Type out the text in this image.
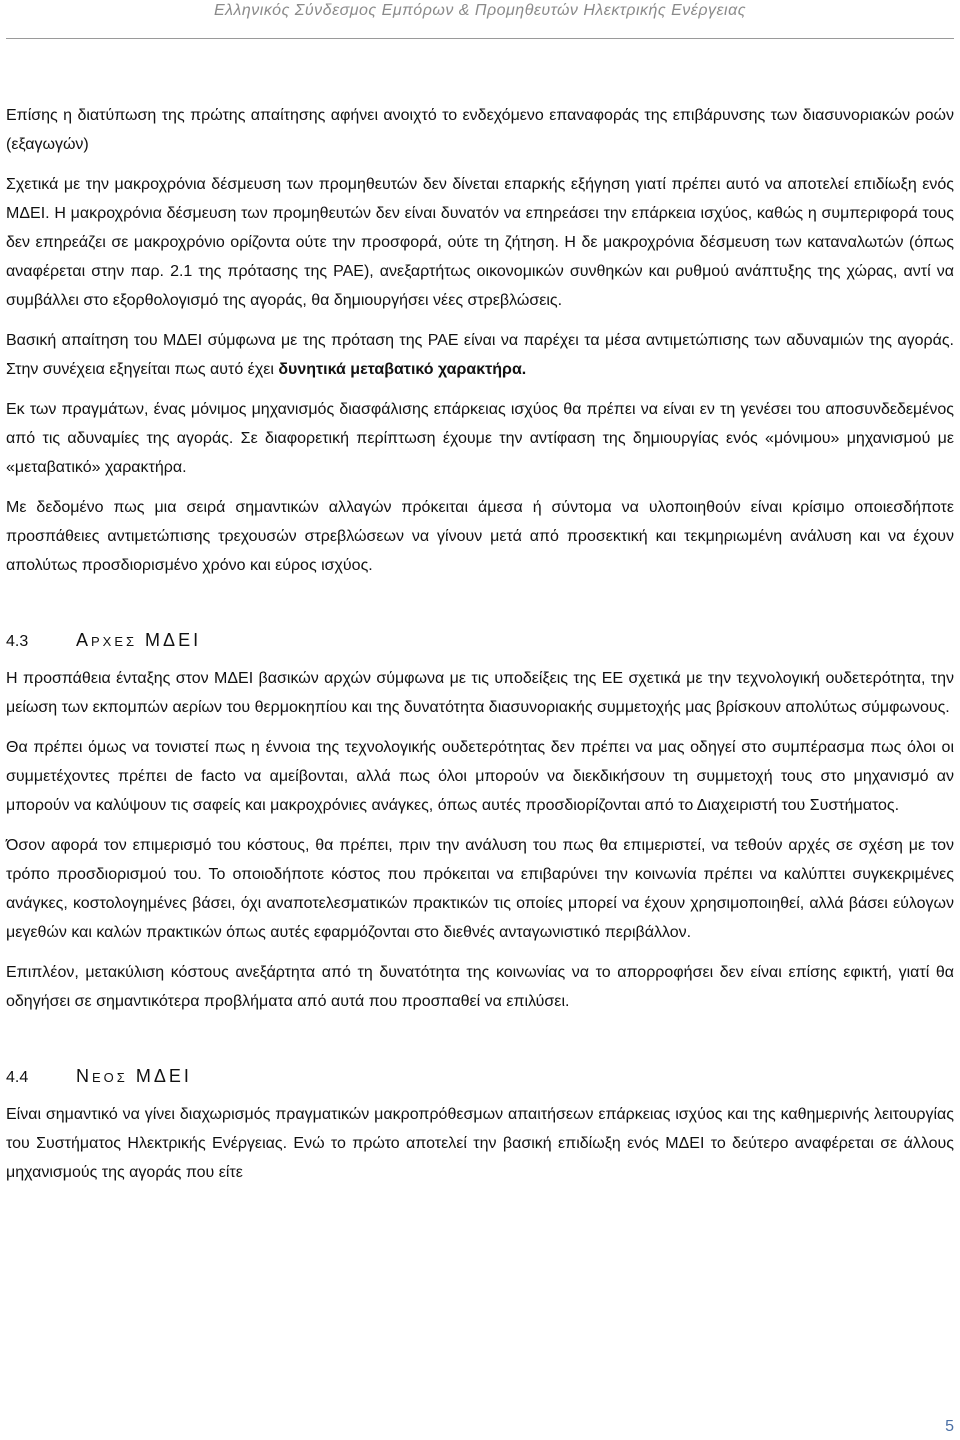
Ελληνικός Σύνδεσμος Εμπόρων & Προμηθευτών Ηλεκτρικής Ενέργειας

Επίσης η διατύπωση της πρώτης απαίτησης αφήνει ανοιχτό το ενδεχόμενο επαναφοράς της επιβάρυνσης των διασυνοριακών ροών (εξαγωγών)

Σχετικά με την μακροχρόνια δέσμευση των προμηθευτών δεν δίνεται επαρκής εξήγηση γιατί πρέπει αυτό να αποτελεί επιδίωξη ενός ΜΔΕΙ. Η μακροχρόνια δέσμευση των προμηθευτών δεν είναι δυνατόν να επηρεάσει την επάρκεια ισχύος, καθώς η συμπεριφορά τους δεν επηρεάζει σε μακροχρόνιο ορίζοντα ούτε την προσφορά, ούτε τη ζήτηση. Η δε μακροχρόνια δέσμευση των καταναλωτών (όπως αναφέρεται στην παρ. 2.1 της πρότασης της ΡΑΕ), ανεξαρτήτως οικονομικών συνθηκών και ρυθμού ανάπτυξης της χώρας, αντί να συμβάλλει στο εξορθολογισμό της αγοράς, θα δημιουργήσει νέες στρεβλώσεις.

Βασική απαίτηση του ΜΔΕΙ σύμφωνα με της πρόταση της ΡΑΕ είναι να παρέχει τα μέσα αντιμετώπισης των αδυναμιών της αγοράς. Στην συνέχεια εξηγείται πως αυτό έχει δυνητικά μεταβατικό χαρακτήρα.

Εκ των πραγμάτων, ένας μόνιμος μηχανισμός διασφάλισης επάρκειας ισχύος θα πρέπει να είναι εν τη γενέσει του αποσυνδεδεμένος από τις αδυναμίες της αγοράς. Σε διαφορετική περίπτωση έχουμε την αντίφαση της δημιουργίας ενός «μόνιμου» μηχανισμού με «μεταβατικό» χαρακτήρα.

Με δεδομένο πως μια σειρά σημαντικών αλλαγών πρόκειται άμεσα ή σύντομα να υλοποιηθούν είναι κρίσιμο οποιεσδήποτε προσπάθειες αντιμετώπισης τρεχουσών στρεβλώσεων να γίνουν μετά από προσεκτική και τεκμηριωμένη ανάλυση και να έχουν απολύτως προσδιορισμένο χρόνο και εύρος ισχύος.

4.3	Αρχες ΜΔΕΙ

Η προσπάθεια ένταξης στον ΜΔΕΙ βασικών αρχών σύμφωνα με τις υποδείξεις της ΕΕ σχετικά με την τεχνολογική ουδετερότητα, την μείωση των εκπομπών αερίων του θερμοκηπίου και της δυνατότητα διασυνοριακής συμμετοχής μας βρίσκουν απολύτως σύμφωνους.

Θα πρέπει όμως να τονιστεί πως η έννοια της τεχνολογικής ουδετερότητας δεν πρέπει να μας οδηγεί στο συμπέρασμα πως όλοι οι συμμετέχοντες πρέπει de facto να αμείβονται, αλλά πως όλοι μπορούν να διεκδικήσουν τη συμμετοχή τους στο μηχανισμό αν μπορούν να καλύψουν τις σαφείς και μακροχρόνιες ανάγκες, όπως αυτές προσδιορίζονται από το Διαχειριστή του Συστήματος.

Όσον αφορά τον επιμερισμό του κόστους, θα πρέπει, πριν την ανάλυση του πως θα επιμεριστεί, να τεθούν αρχές σε σχέση με τον τρόπο προσδιορισμού του. Το οποιοδήποτε κόστος που πρόκειται να επιβαρύνει την κοινωνία πρέπει να καλύπτει συγκεκριμένες ανάγκες, κοστολογημένες βάσει, όχι αναποτελεσματικών πρακτικών τις οποίες μπορεί να έχουν χρησιμοποιηθεί, αλλά βάσει εύλογων μεγεθών και καλών πρακτικών όπως αυτές εφαρμόζονται στο διεθνές ανταγωνιστικό περιβάλλον.

Επιπλέον, μετακύλιση κόστους ανεξάρτητα από τη δυνατότητα της κοινωνίας να το απορροφήσει δεν είναι επίσης εφικτή, γιατί θα οδηγήσει σε σημαντικότερα προβλήματα από αυτά που προσπαθεί να επιλύσει.

4.4	Νεος ΜΔΕΙ

Είναι σημαντικό να γίνει διαχωρισμός πραγματικών μακροπρόθεσμων απαιτήσεων επάρκειας ισχύος και της καθημερινής λειτουργίας του Συστήματος Ηλεκτρικής Ενέργειας. Ενώ το πρώτο αποτελεί την βασική επιδίωξη ενός ΜΔΕΙ το δεύτερο αναφέρεται σε άλλους μηχανισμούς της αγοράς που είτε

5
